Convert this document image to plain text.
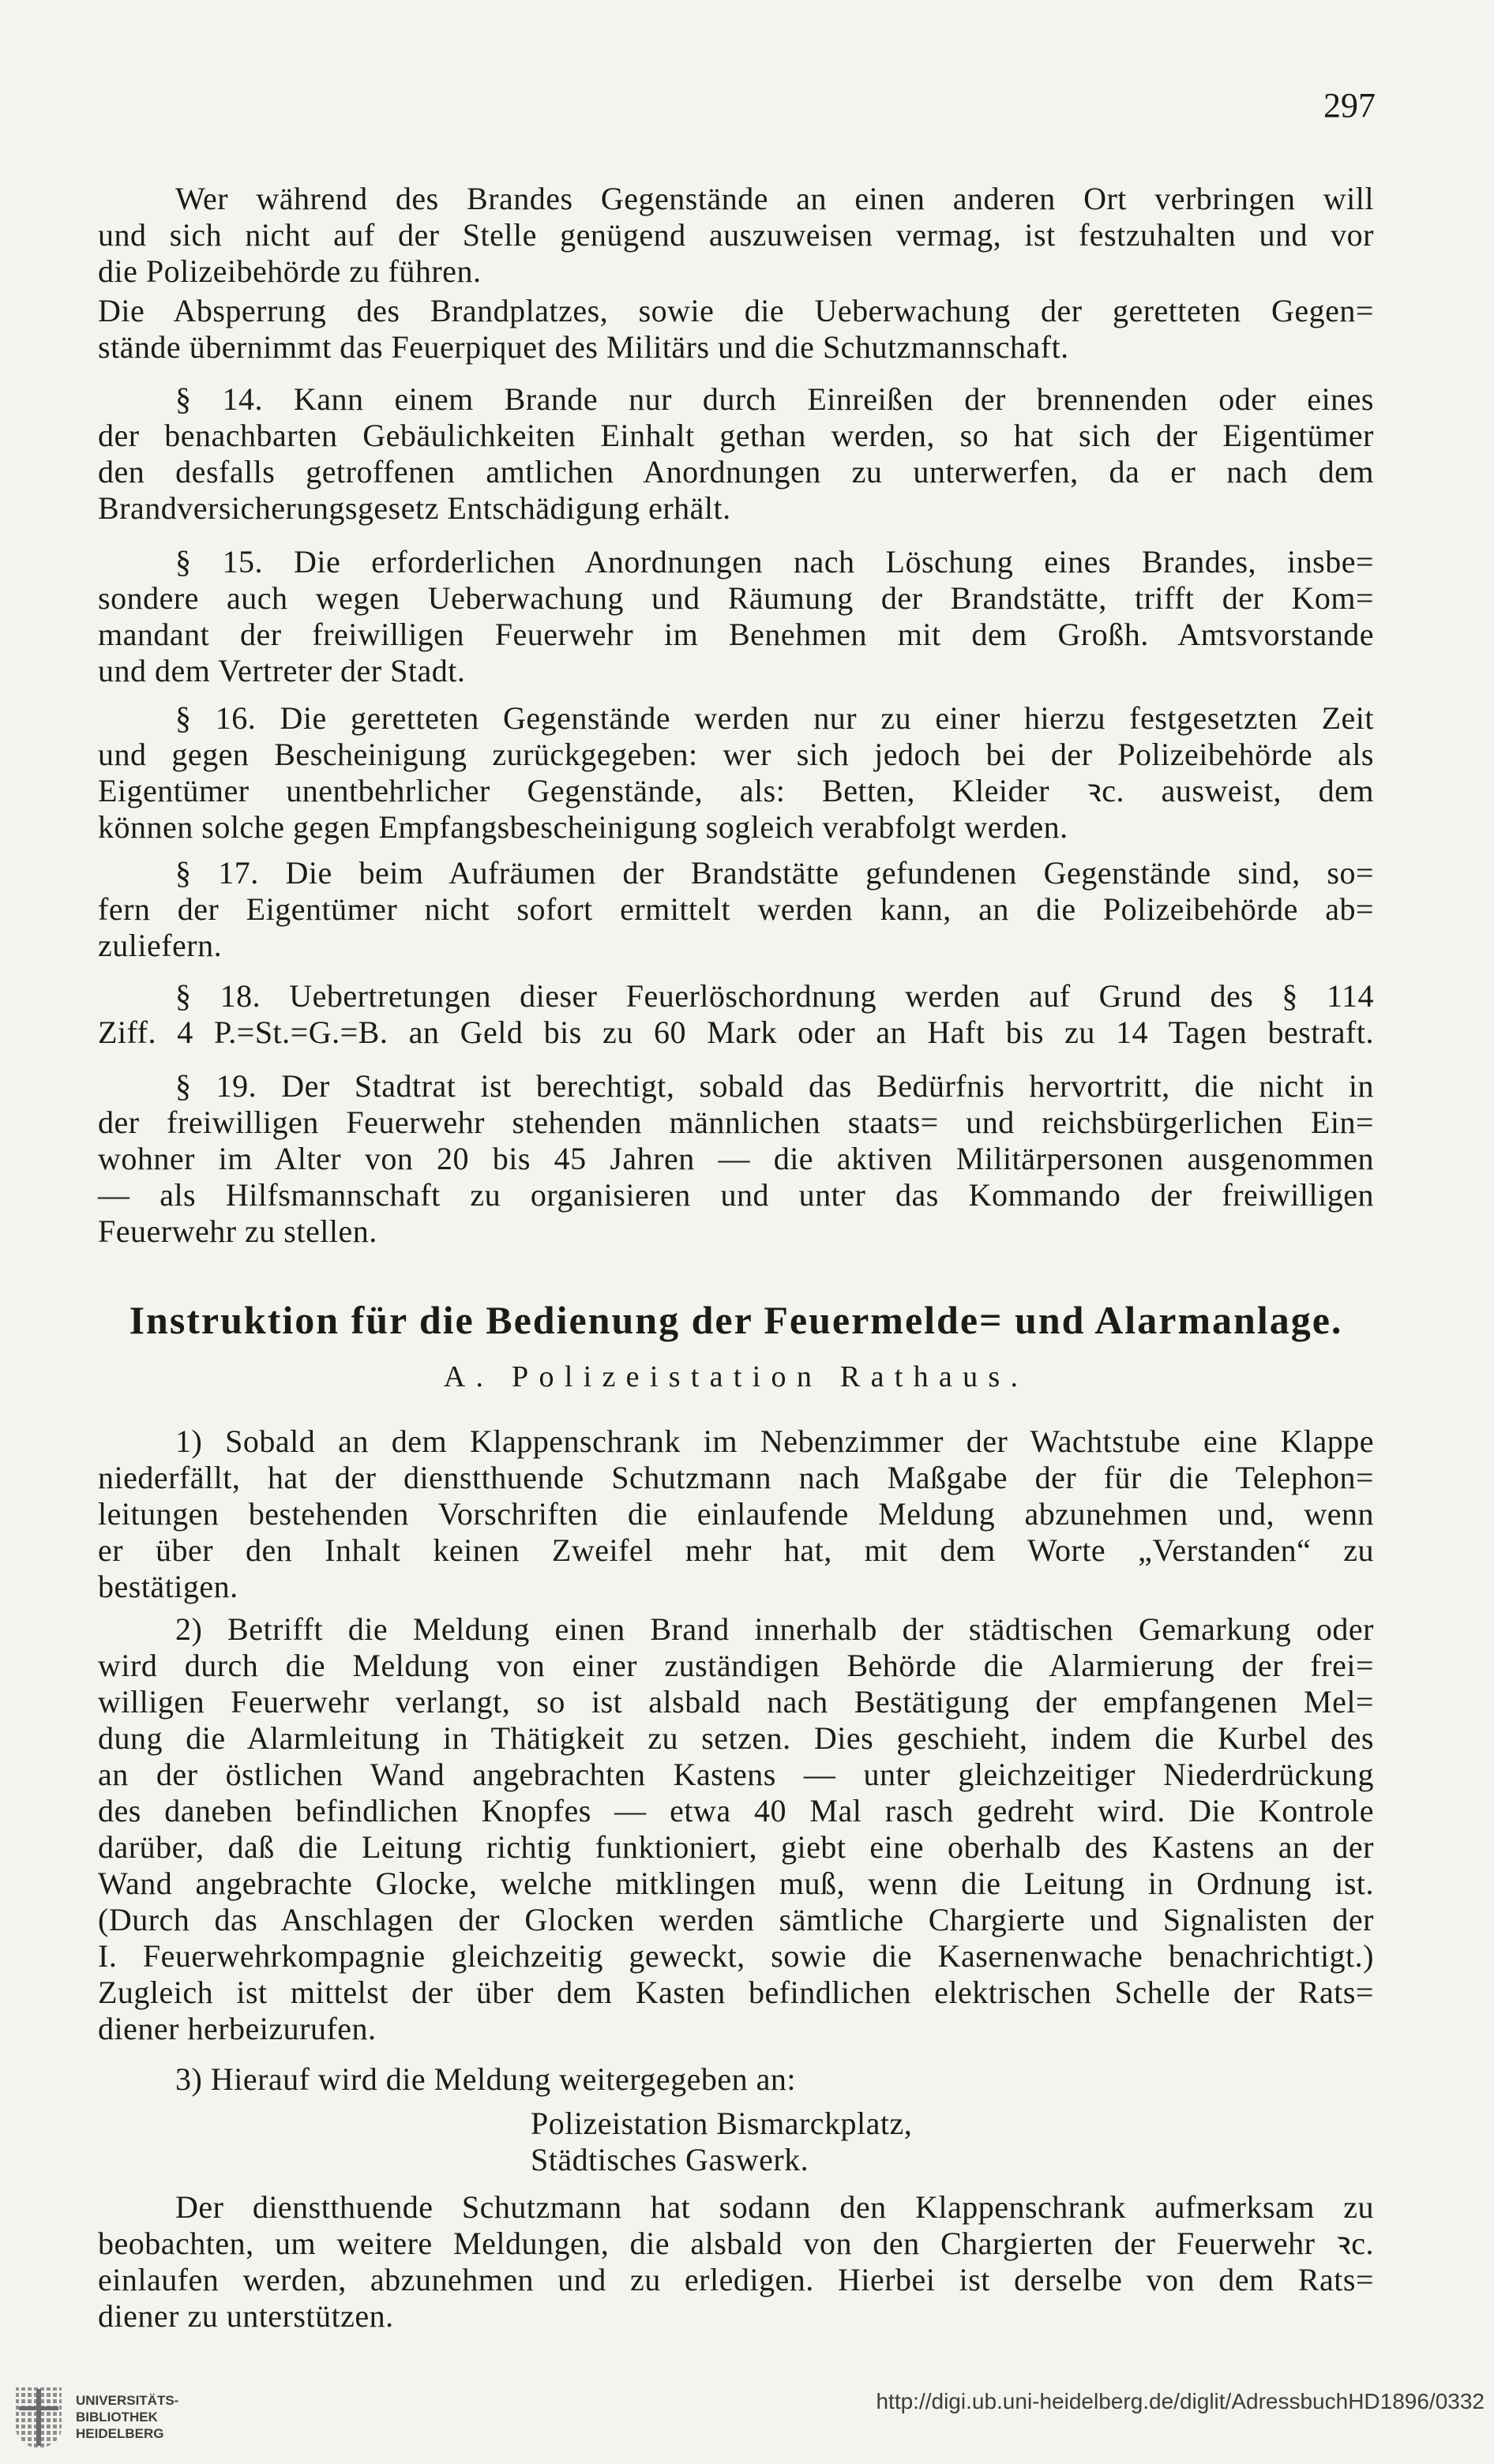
297
Wer während des Brandes Gegenstände an einen anderen Ort verbringen will
und sich nicht auf der Stelle genügend auszuweisen vermag, ist festzuhalten und vor
die Polizeibehörde zu führen.
Die Absperrung des Brandplatzes, sowie die Ueberwachung der geretteten Gegen=
stände übernimmt das Feuerpiquet des Militärs und die Schutzmannschaft.
§ 14. Kann einem Brande nur durch Einreißen der brennenden oder eines
der benachbarten Gebäulichkeiten Einhalt gethan werden, so hat sich der Eigentümer
den desfalls getroffenen amtlichen Anordnungen zu unterwerfen, da er nach dem
Brandversicherungsgesetz Entschädigung erhält.
§ 15. Die erforderlichen Anordnungen nach Löschung eines Brandes, insbe=
sondere auch wegen Ueberwachung und Räumung der Brandstätte, trifft der Kom=
mandant der freiwilligen Feuerwehr im Benehmen mit dem Großh. Amtsvorstande
und dem Vertreter der Stadt.
§ 16. Die geretteten Gegenstände werden nur zu einer hierzu festgesetzten Zeit
und gegen Bescheinigung zurückgegeben: wer sich jedoch bei der Polizeibehörde als
Eigentümer unentbehrlicher Gegenstände, als: Betten, Kleider ꝛc. ausweist, dem
können solche gegen Empfangsbescheinigung sogleich verabfolgt werden.
§ 17. Die beim Aufräumen der Brandstätte gefundenen Gegenstände sind, so=
fern der Eigentümer nicht sofort ermittelt werden kann, an die Polizeibehörde ab=
zuliefern.
§ 18. Uebertretungen dieser Feuerlöschordnung werden auf Grund des § 114
Ziff. 4 P.=St.=G.=B. an Geld bis zu 60 Mark oder an Haft bis zu 14 Tagen bestraft.
§ 19. Der Stadtrat ist berechtigt, sobald das Bedürfnis hervortritt, die nicht in
der freiwilligen Feuerwehr stehenden männlichen staats= und reichsbürgerlichen Ein=
wohner im Alter von 20 bis 45 Jahren — die aktiven Militärpersonen ausgenommen
— als Hilfsmannschaft zu organisieren und unter das Kommando der freiwilligen
Feuerwehr zu stellen.
Instruktion für die Bedienung der Feuermelde= und Alarmanlage.
A. Polizeistation Rathaus.
1) Sobald an dem Klappenschrank im Nebenzimmer der Wachtstube eine Klappe
niederfällt, hat der dienstthuende Schutzmann nach Maßgabe der für die Telephon=
leitungen bestehenden Vorschriften die einlaufende Meldung abzunehmen und, wenn
er über den Inhalt keinen Zweifel mehr hat, mit dem Worte „Verstanden“ zu
bestätigen.
2) Betrifft die Meldung einen Brand innerhalb der städtischen Gemarkung oder
wird durch die Meldung von einer zuständigen Behörde die Alarmierung der frei=
willigen Feuerwehr verlangt, so ist alsbald nach Bestätigung der empfangenen Mel=
dung die Alarmleitung in Thätigkeit zu setzen. Dies geschieht, indem die Kurbel des
an der östlichen Wand angebrachten Kastens — unter gleichzeitiger Niederdrückung
des daneben befindlichen Knopfes — etwa 40 Mal rasch gedreht wird. Die Kontrole
darüber, daß die Leitung richtig funktioniert, giebt eine oberhalb des Kastens an der
Wand angebrachte Glocke, welche mitklingen muß, wenn die Leitung in Ordnung ist.
(Durch das Anschlagen der Glocken werden sämtliche Chargierte und Signalisten der
I. Feuerwehrkompagnie gleichzeitig geweckt, sowie die Kasernenwache benachrichtigt.)
Zugleich ist mittelst der über dem Kasten befindlichen elektrischen Schelle der Rats=
diener herbeizurufen.
3) Hierauf wird die Meldung weitergegeben an:
Polizeistation Bismarckplatz,
Städtisches Gaswerk.
Der dienstthuende Schutzmann hat sodann den Klappenschrank aufmerksam zu
beobachten, um weitere Meldungen, die alsbald von den Chargierten der Feuerwehr ꝛc.
einlaufen werden, abzunehmen und zu erledigen. Hierbei ist derselbe von dem Rats=
diener zu unterstützen.
UNIVERSITÄTS-
BIBLIOTHEK
HEIDELBERG
http://digi.ub.uni-heidelberg.de/diglit/AdressbuchHD1896/0332
